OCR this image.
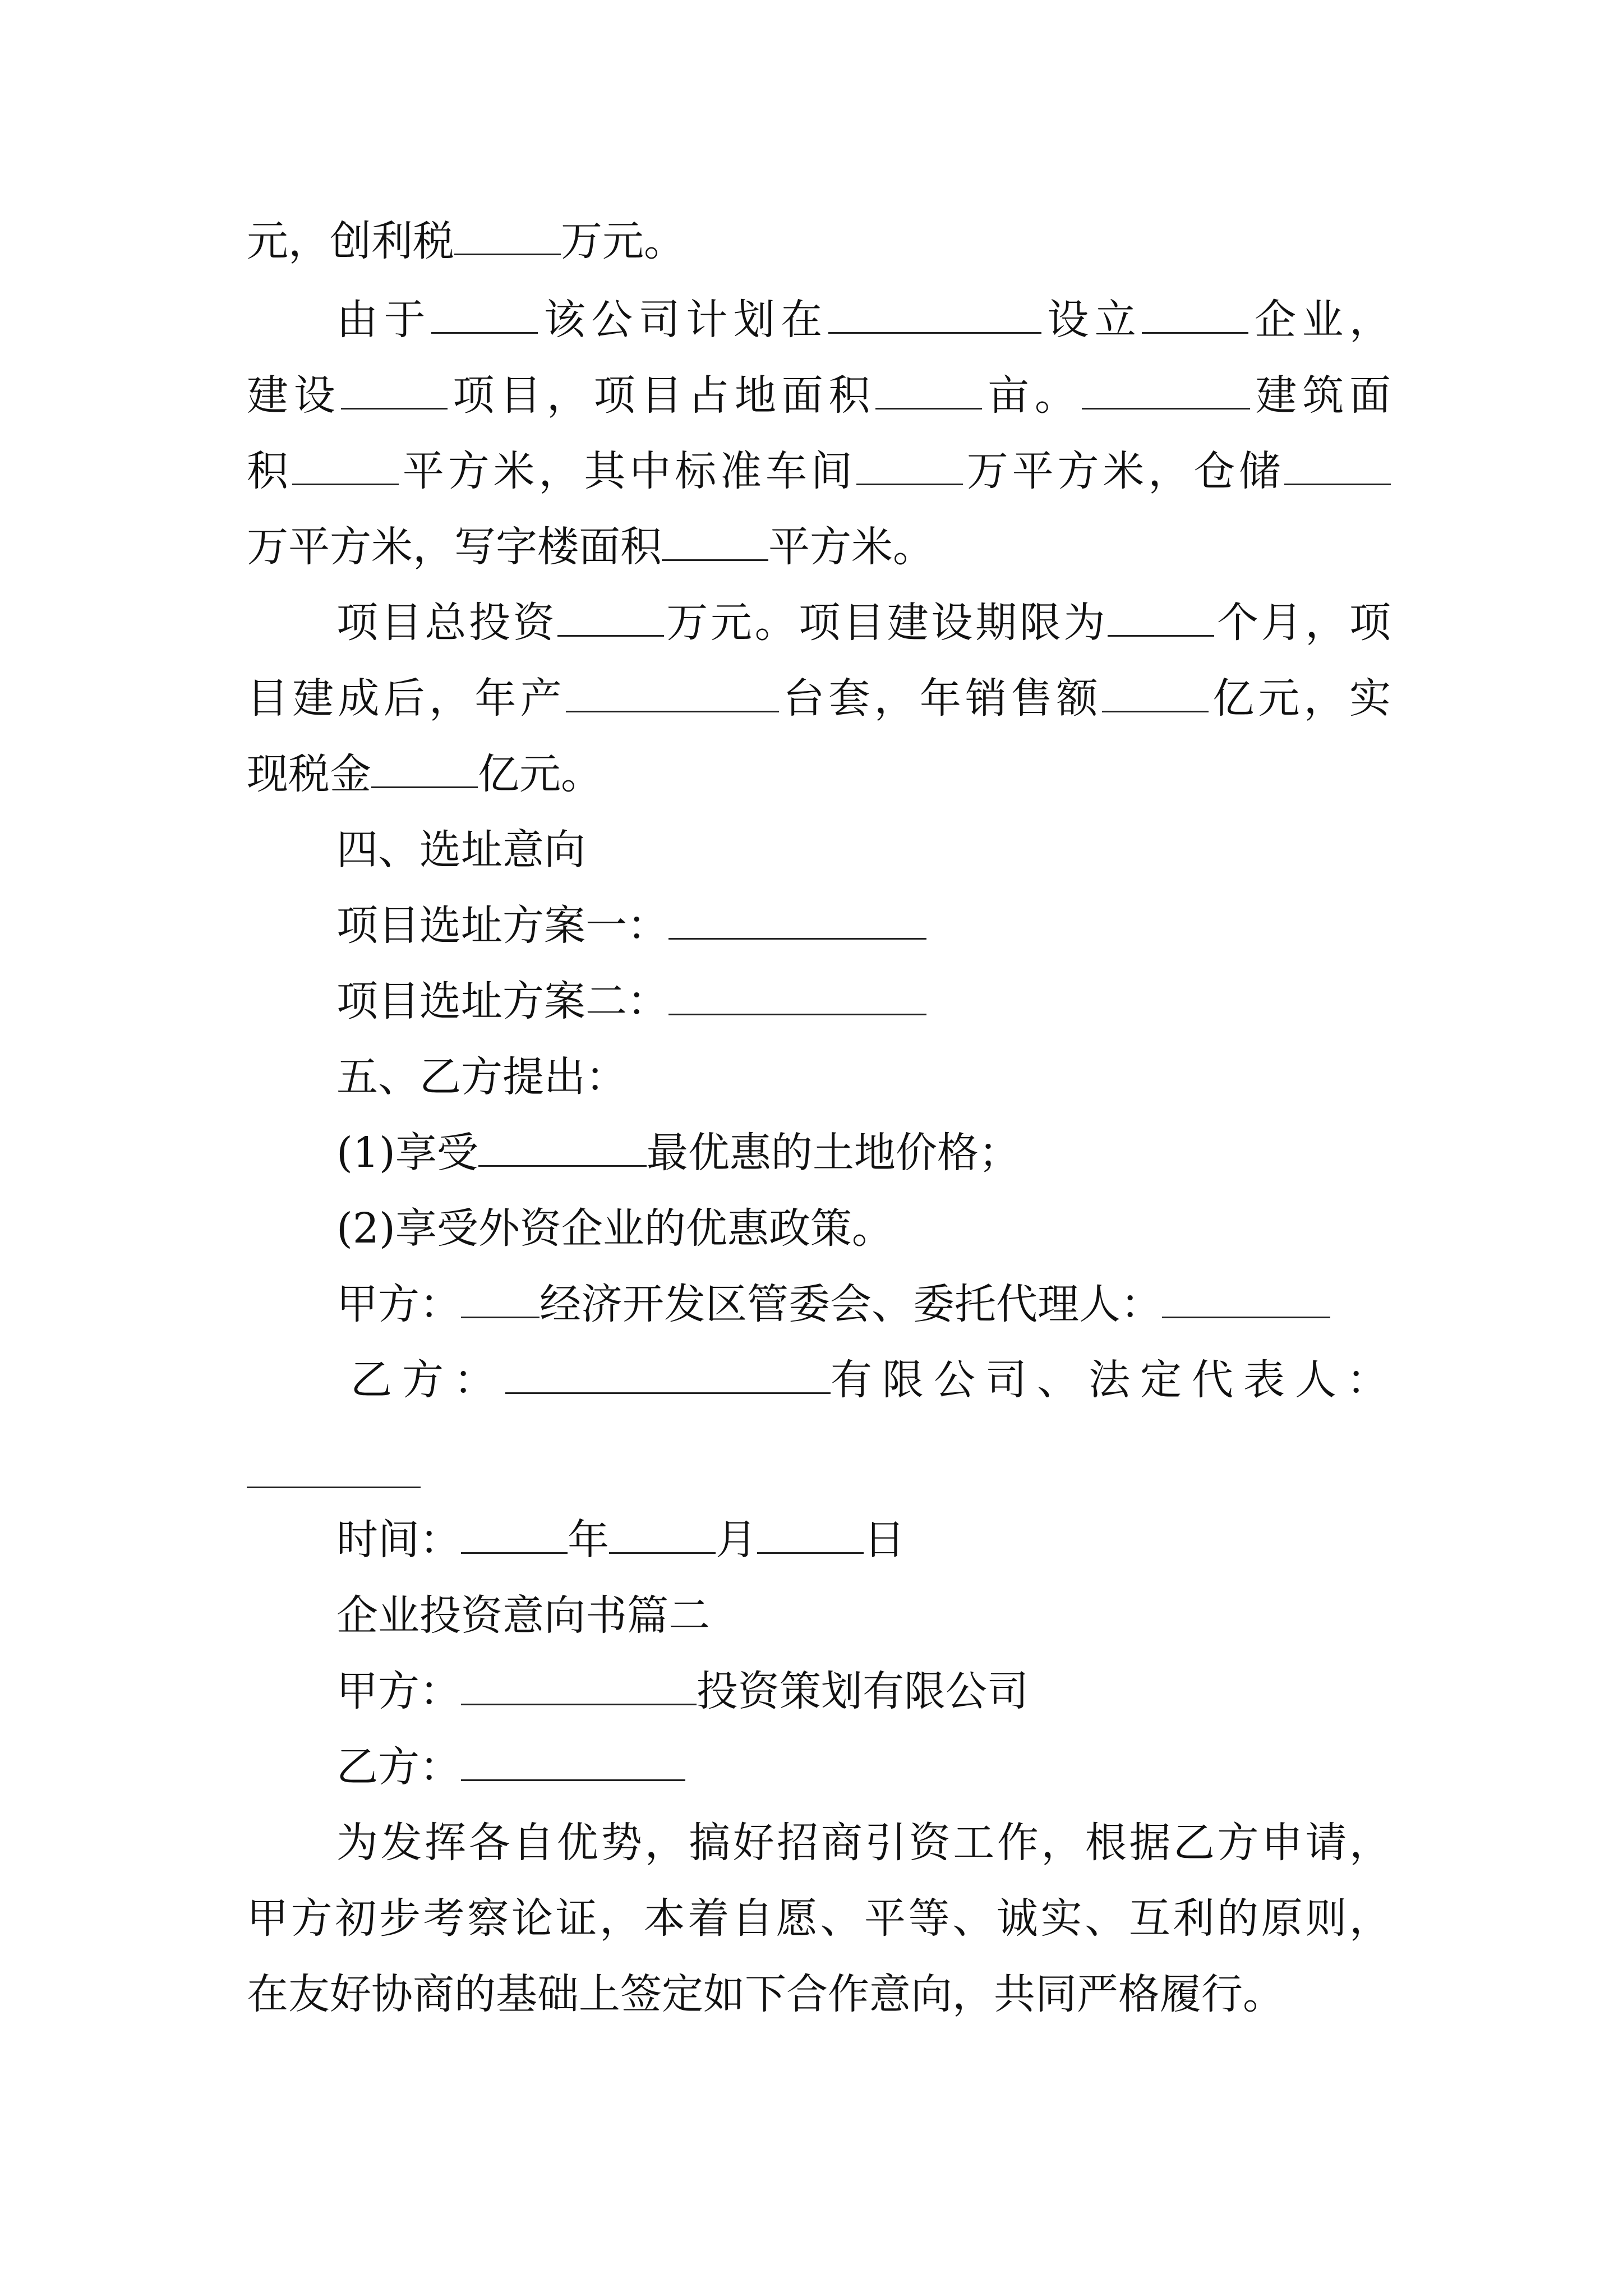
元，创利税	万元。
由于	该公司计划在	设立	企业，
建设	项目，项目占地面积	亩。	建筑面
积	平方米，其中标准车间	万平方米，仓储
万平方米，写字楼面积	平方米。
项目总投资	万元。项目建设期限为	个月，项
目建成后，年产	台套，年销售额	亿元，实
现税金	亿元。
四、选址意向
项目选址方案一：
项目选址方案二：
五、乙方提出：
(1)享受	最优惠的土地价格；
(2)享受外资企业的优惠政策。
甲方： 经济开发区管委会、委托代理人：
乙方：	有限公司、法定代表人：
时间：	年	月	日
企业投资意向书篇二
甲方：	投资策划有限公司
乙方：
为发挥各自优势，搞好招商引资工作，根据乙方申请，
甲方初步考察论证，本着自愿、平等、诚实、互利的原则，
在友好协商的基础上签定如下合作意向，共同严格履行。
